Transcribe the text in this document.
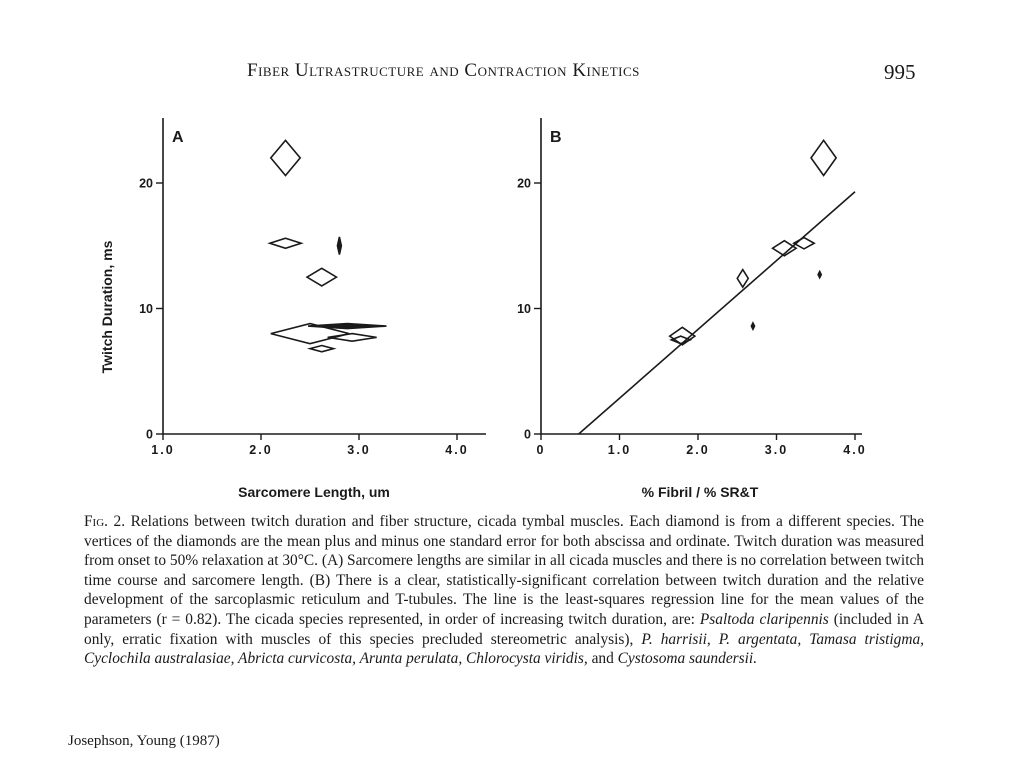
Fiber Ultrastructure and Contraction Kinetics	995
A
1.0	2.0	3.0	4.0
0
10
20
Sarcomere Length, um
Twitch Duration, ms
B
0	1.0	2.0	3.0	4.0
0
10
20
% Fibril / % SR&T
Fig. 2. Relations between twitch duration and fiber structure, cicada tymbal muscles. Each diamond is from a different species. The vertices of the diamonds are the mean plus and minus one standard error for both abscissa and ordinate. Twitch duration was measured from onset to 50% relaxation at 30°C. (A) Sarcomere lengths are similar in all cicada muscles and there is no correlation between twitch time course and sarcomere length. (B) There is a clear, statistically-significant correlation between twitch duration and the relative development of the sarcoplasmic reticulum and T-tubules. The line is the least-squares regression line for the mean values of the parameters (r = 0.82). The cicada species represented, in order of increasing twitch duration, are: Psaltoda claripennis (included in A only, erratic fixation with muscles of this species precluded stereometric analysis), P. harrisii, P. argentata, Tamasa tristigma, Cyclochila australasiae, Abricta curvicosta, Arunta perulata, Chlorocysta viridis, and Cystosoma saundersii.
Josephson, Young (1987)
